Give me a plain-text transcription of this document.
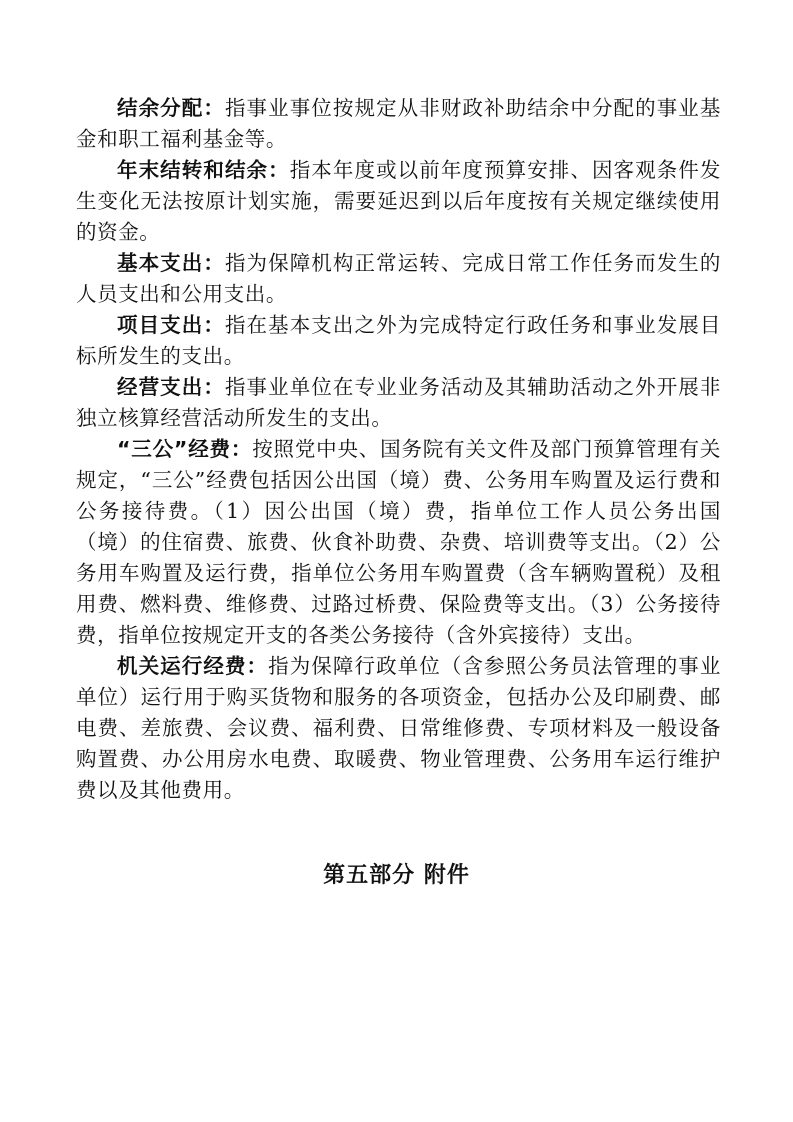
结余分配：指事业事位按规定从非财政补助结余中分配的事业基金和职工福利基金等。

年末结转和结余：指本年度或以前年度预算安排、因客观条件发生变化无法按原计划实施，需要延迟到以后年度按有关规定继续使用的资金。

基本支出：指为保障机构正常运转、完成日常工作任务而发生的人员支出和公用支出。

项目支出：指在基本支出之外为完成特定行政任务和事业发展目标所发生的支出。

经营支出：指事业单位在专业业务活动及其辅助活动之外开展非独立核算经营活动所发生的支出。

“三公”经费：按照党中央、国务院有关文件及部门预算管理有关规定，“三公”经费包括因公出国（境）费、公务用车购置及运行费和公务接待费。（1）因公出国（境）费，指单位工作人员公务出国（境）的住宿费、旅费、伙食补助费、杂费、培训费等支出。（2）公务用车购置及运行费，指单位公务用车购置费（含车辆购置税）及租用费、燃料费、维修费、过路过桥费、保险费等支出。（3）公务接待费，指单位按规定开支的各类公务接待（含外宾接待）支出。

机关运行经费：指为保障行政单位（含参照公务员法管理的事业单位）运行用于购买货物和服务的各项资金，包括办公及印刷费、邮电费、差旅费、会议费、福利费、日常维修费、专项材料及一般设备购置费、办公用房水电费、取暖费、物业管理费、公务用车运行维护费以及其他费用。

第五部分 附件
